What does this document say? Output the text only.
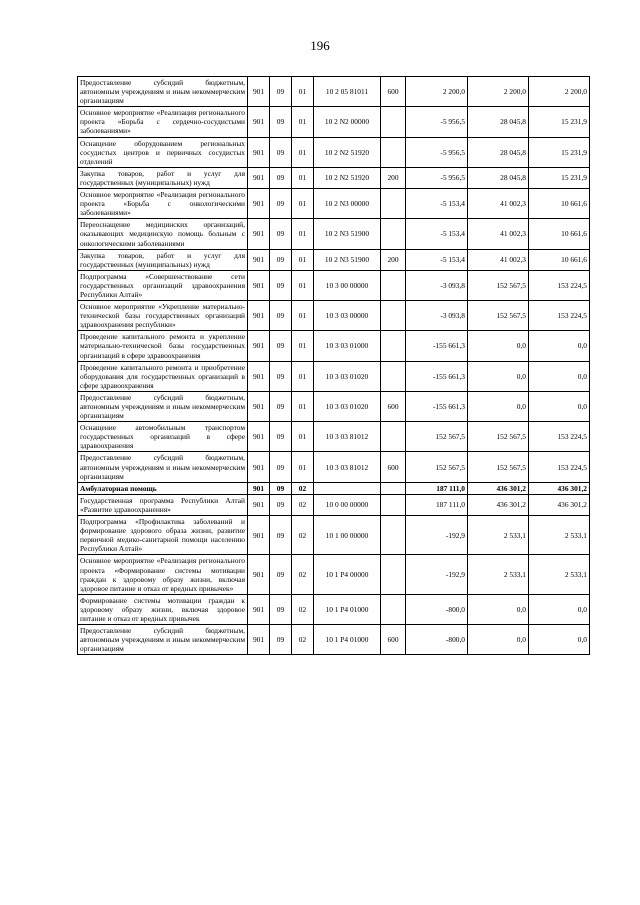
196
Предоставление субсидий бюджетным, автономным учреждениям и иным некоммерческим организациям	901	09	01	10 2 05 81011	600	2 200,0	2 200,0	2 200,0
Основное мероприятие «Реализация регионального проекта «Борьба с сердечно-сосудистыми заболеваниями»	901	09	01	10 2 N2 00000		-5 956,5	28 045,8	15 231,9
Оснащение оборудованием региональных сосудистых центров и первичных сосудистых отделений	901	09	01	10 2 N2 51920		-5 956,5	28 045,8	15 231,9
Закупка товаров, работ и услуг для государственных (муниципальных) нужд	901	09	01	10 2 N2 51920	200	-5 956,5	28 045,8	15 231,9
Основное мероприятие «Реализация регионального проекта «Борьба с онкологическими заболеваниями»	901	09	01	10 2 N3 00000		-5 153,4	41 002,3	10 661,6
Переоснащение медицинских организаций, оказывающих медицинскую помощь больным с онкологическими заболеваниями	901	09	01	10 2 N3 51900		-5 153,4	41 002,3	10 661,6
Закупка товаров, работ и услуг для государственных (муниципальных) нужд	901	09	01	10 2 N3 51900	200	-5 153,4	41 002,3	10 661,6
Подпрограмма «Совершенствование сети государственных организаций здравоохранения Республики Алтай»	901	09	01	10 3 00 00000		-3 093,8	152 567,5	153 224,5
Основное мероприятие «Укрепление материально-технической базы государственных организаций здравоохранения республики»	901	09	01	10 3 03 00000		-3 093,8	152 567,5	153 224,5
Проведение капитального ремонта и укрепление материально-технической базы государственных организаций в сфере здравоохранения	901	09	01	10 3 03 01000		-155 661,3	0,0	0,0
Проведение капитального ремонта и приобретение оборудования для государственных организаций в сфере здравоохранения	901	09	01	10 3 03 01020		-155 661,3	0,0	0,0
Предоставление субсидий бюджетным, автономным учреждениям и иным некоммерческим организациям	901	09	01	10 3 03 01020	600	-155 661,3	0,0	0,0
Оснащение автомобильным транспортом государственных организаций в сфере здравоохранения	901	09	01	10 3 03 81012		152 567,5	152 567,5	153 224,5
Предоставление субсидий бюджетным, автономным учреждениям и иным некоммерческим организациям	901	09	01	10 3 03 81012	600	152 567,5	152 567,5	153 224,5
Амбулаторная помощь	901	09	02			187 111,0	436 301,2	436 301,2
Государственная программа Республики Алтай «Развитие здравоохранения»	901	09	02	10 0 00 00000		187 111,0	436 301,2	436 301,2
Подпрограмма «Профилактика заболеваний и формирование здорового образа жизни, развитие первичной медико-санитарной помощи населению Республики Алтай»	901	09	02	10 1 00 00000		-192,9	2 533,1	2 533,1
Основное мероприятие «Реализация регионального проекта «Формирование системы мотивации граждан к здоровому образу жизни, включая здоровое питание и отказ от вредных привычек»	901	09	02	10 1 P4 00000		-192,9	2 533,1	2 533,1
Формирование системы мотивации граждан к здоровому образу жизни, включая здоровое питание и отказ от вредных привычек	901	09	02	10 1 P4 01000		-800,0	0,0	0,0
Предоставление субсидий бюджетным, автономным учреждениям и иным некоммерческим организациям	901	09	02	10 1 P4 01000	600	-800,0	0,0	0,0
